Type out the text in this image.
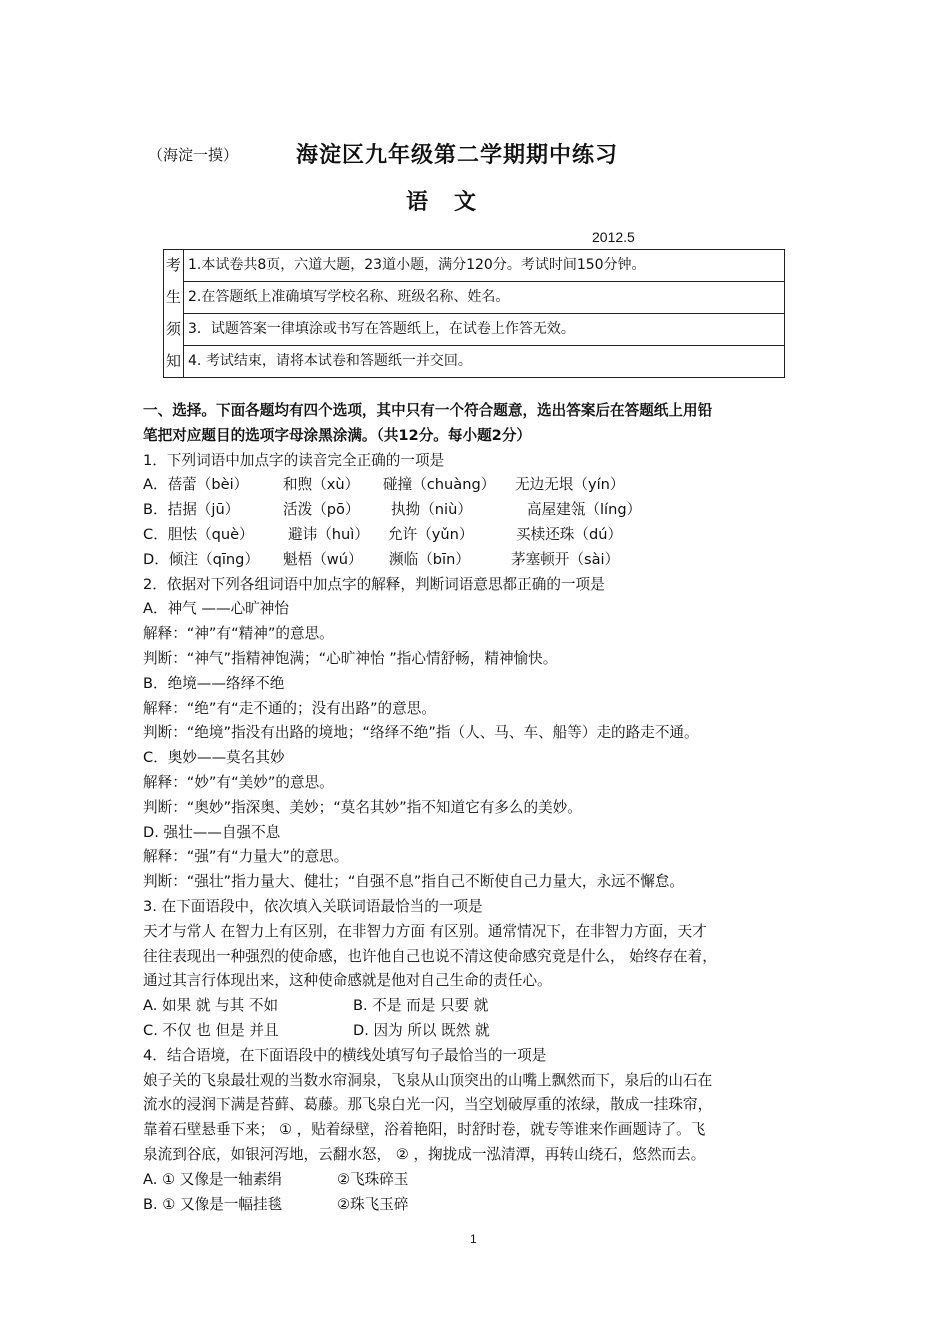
（海淀一摸）	海淀区九年级第二学期期中练习
语文
2012.5
考	1.本试卷共8页，六道大题，23道小题，满分120分。考试时间150分钟。
生	2.在答题纸上准确填写学校名称、班级名称、姓名。
须	3．试题答案一律填涂或书写在答题纸上，在试卷上作答无效。
知	4. 考试结束，请将本试卷和答题纸一并交回。
一、选择。下面各题均有四个选项，其中只有一个符合题意，选出答案后在答题纸上用铅
笔把对应题目的选项字母涂黑涂满。（共12分。每小题2分）
1．下列词语中加点字的读音完全正确的一项是
A．蓓蕾（bèi） 和煦（xù） 碰撞（chuàng） 无边无垠（yín）
B．拮据（jū）	活泼（pō） 执拗（niù）	高屋建瓴（líng）
C．胆怯（què） 避讳（huì） 允许（yǔn）	买椟还珠（dú）
D．倾注（qīng） 魁梧（wú） 濒临（bīn）	茅塞顿开（sài）
2．依据对下列各组词语中加点字的解释，判断词语意思都正确的一项是
A．神气 ——心旷神怡
解释：“神”有“精神”的意思。
判断：“神气”指精神饱满；“心旷神怡 ”指心情舒畅，精神愉快。
B．绝境——络绎不绝
解释：“绝”有“走不通的；没有出路”的意思。
判断：“绝境”指没有出路的境地；“络绎不绝”指（人、马、车、船等）走的路走不通。
C．奥妙——莫名其妙
解释：“妙”有“美妙”的意思。
判断：“奥妙”指深奥、美妙；“莫名其妙”指不知道它有多么的美妙。
D. 强壮——自强不息
解释：“强”有“力量大”的意思。
判断：“强壮”指力量大、健壮；“自强不息”指自己不断使自己力量大，永远不懈怠。
3. 在下面语段中，依次填入关联词语最恰当的一项是
天才与常人 在智力上有区别，在非智力方面 有区别。通常情况下，在非智力方面，天才
往往表现出一种强烈的使命感，也许他自己也说不清这使命感究竟是什么， 始终存在着，
通过其言行体现出来，这种使命感就是他对自己生命的责任心。
A. 如果 就 与其 不如	B. 不是 而是 只要 就
C. 不仅 也 但是 并且	D. 因为 所以 既然 就
4．结合语境，在下面语段中的横线处填写句子最恰当的一项是
娘子关的飞泉最壮观的当数水帘洞泉，飞泉从山顶突出的山嘴上飘然而下，泉后的山石在
流水的浸润下满是苔藓、葛藤。那飞泉白光一闪，当空划破厚重的浓绿，散成一挂珠帘，
靠着石壁悬垂下来； ① ，贴着绿壁，浴着艳阳，时舒时卷，就专等谁来作画题诗了。飞
泉流到谷底，如银河泻地，云翻水怒， ② ，掬拢成一泓清潭，再转山绕石，悠然而去。
A. ① 又像是一轴素绢	②飞珠碎玉
B. ① 又像是一幅挂毯	②珠飞玉碎
1
